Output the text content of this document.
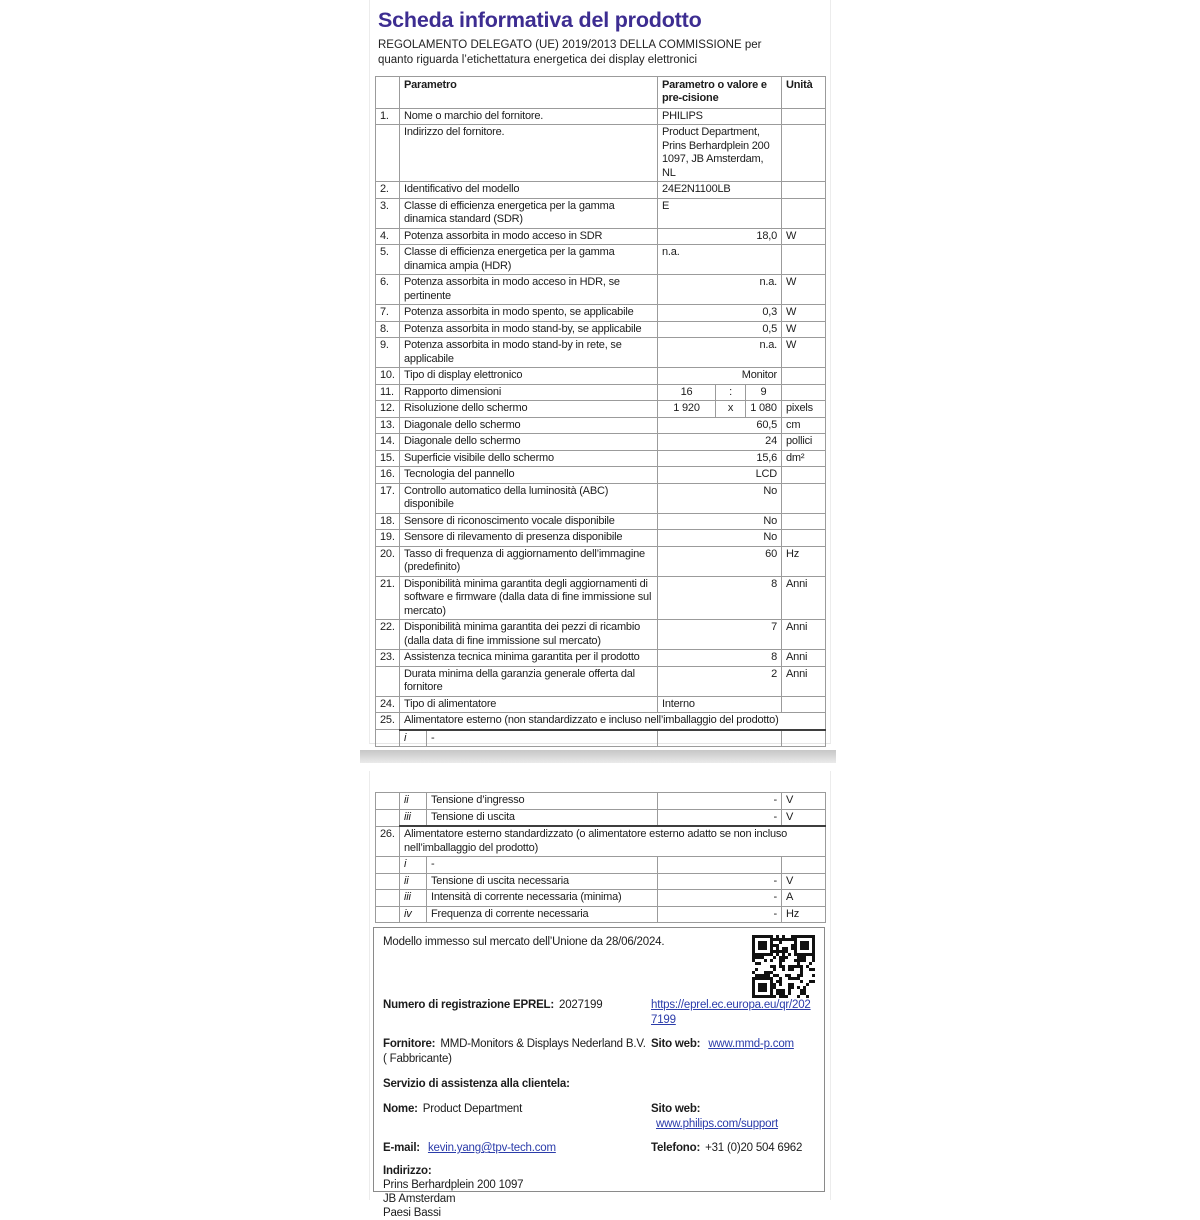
Scheda informativa del prodotto
REGOLAMENTO DELEGATO (UE) 2019/2013 DELLA COMMISSIONE per quanto riguarda l’etichettatura energetica dei display elettronici
	Parametro	Parametro o valore e pre-cisione			Unità
1.	Nome o marchio del fornitore.	PHILIPS			
	Indirizzo del fornitore.	Product Department, Prins Berhardplein 200 1097, JB Amsterdam, NL			
2.	Identificativo del modello	24E2N1100LB			
3.	Classe di efficienza energetica per la gamma dinamica standard (SDR)	E			
4.	Potenza assorbita in modo acceso in SDR	18,0			W
5.	Classe di efficienza energetica per la gamma dinamica ampia (HDR)	n.a.			
6.	Potenza assorbita in modo acceso in HDR, se pertinente	n.a.			W
7.	Potenza assorbita in modo spento, se applicabile	0,3			W
8.	Potenza assorbita in modo stand-by, se applicabile	0,5			W
9.	Potenza assorbita in modo stand-by in rete, se applicabile	n.a.			W
10.	Tipo di display elettronico	Monitor			
11.	Rapporto dimensioni	16	:	9	
12.	Risoluzione dello schermo	1 920	x	1 080	pixels
13.	Diagonale dello schermo	60,5			cm
14.	Diagonale dello schermo	24			pollici
15.	Superficie visibile dello schermo	15,6			dm²
16.	Tecnologia del pannello	LCD			
17.	Controllo automatico della luminosità (ABC) disponibile	No			
18.	Sensore di riconoscimento vocale disponibile	No			
19.	Sensore di rilevamento di presenza disponibile	No			
20.	Tasso di frequenza di aggiornamento dell’immagine (predefinito)	60			Hz
21.	Disponibilità minima garantita degli aggiornamenti di software e firmware (dalla data di fine immissione sul mercato)	8			Anni
22.	Disponibilità minima garantita dei pezzi di ricambio (dalla data di fine immissione sul mercato)	7			Anni
23.	Assistenza tecnica minima garantita per il prodotto	8			Anni
	Durata minima della garanzia generale offerta dal fornitore	2			Anni
24.	Tipo di alimentatore	Interno			
25.	Alimentatore esterno (non standardizzato e incluso nell’imballaggio del prodotto)				

	i -				

	ii Tensione d’ingresso	-	V

	iii Tensione di uscita	-	V
26.	Alimentatore esterno standardizzato (o alimentatore esterno adatto se non incluso nell’imballaggio del prodotto)		

	i -		

	ii Tensione di uscita necessaria	-	V

	iii Intensità di corrente necessaria (minima)	-	A

	iv Frequenza di corrente necessaria	-	Hz
Modello immesso sul mercato dell’Unione da 28/06/2024.
Numero di registrazione EPREL: 2027199	https://eprel.ec.europa.eu/qr/2027199
Fornitore: MMD-Monitors & Displays Nederland B.V. ( Fabbricante)
Sito web: www.mmd-p.com
Servizio di assistenza alla clientela:
Nome: Product Department	Sito web: www.philips.com/support
E-mail: kevin.yang@tpv-tech.com	Telefono: +31 (0)20 504 6962
Indirizzo:
Prins Berhardplein 200 1097
JB Amsterdam
Paesi Bassi
